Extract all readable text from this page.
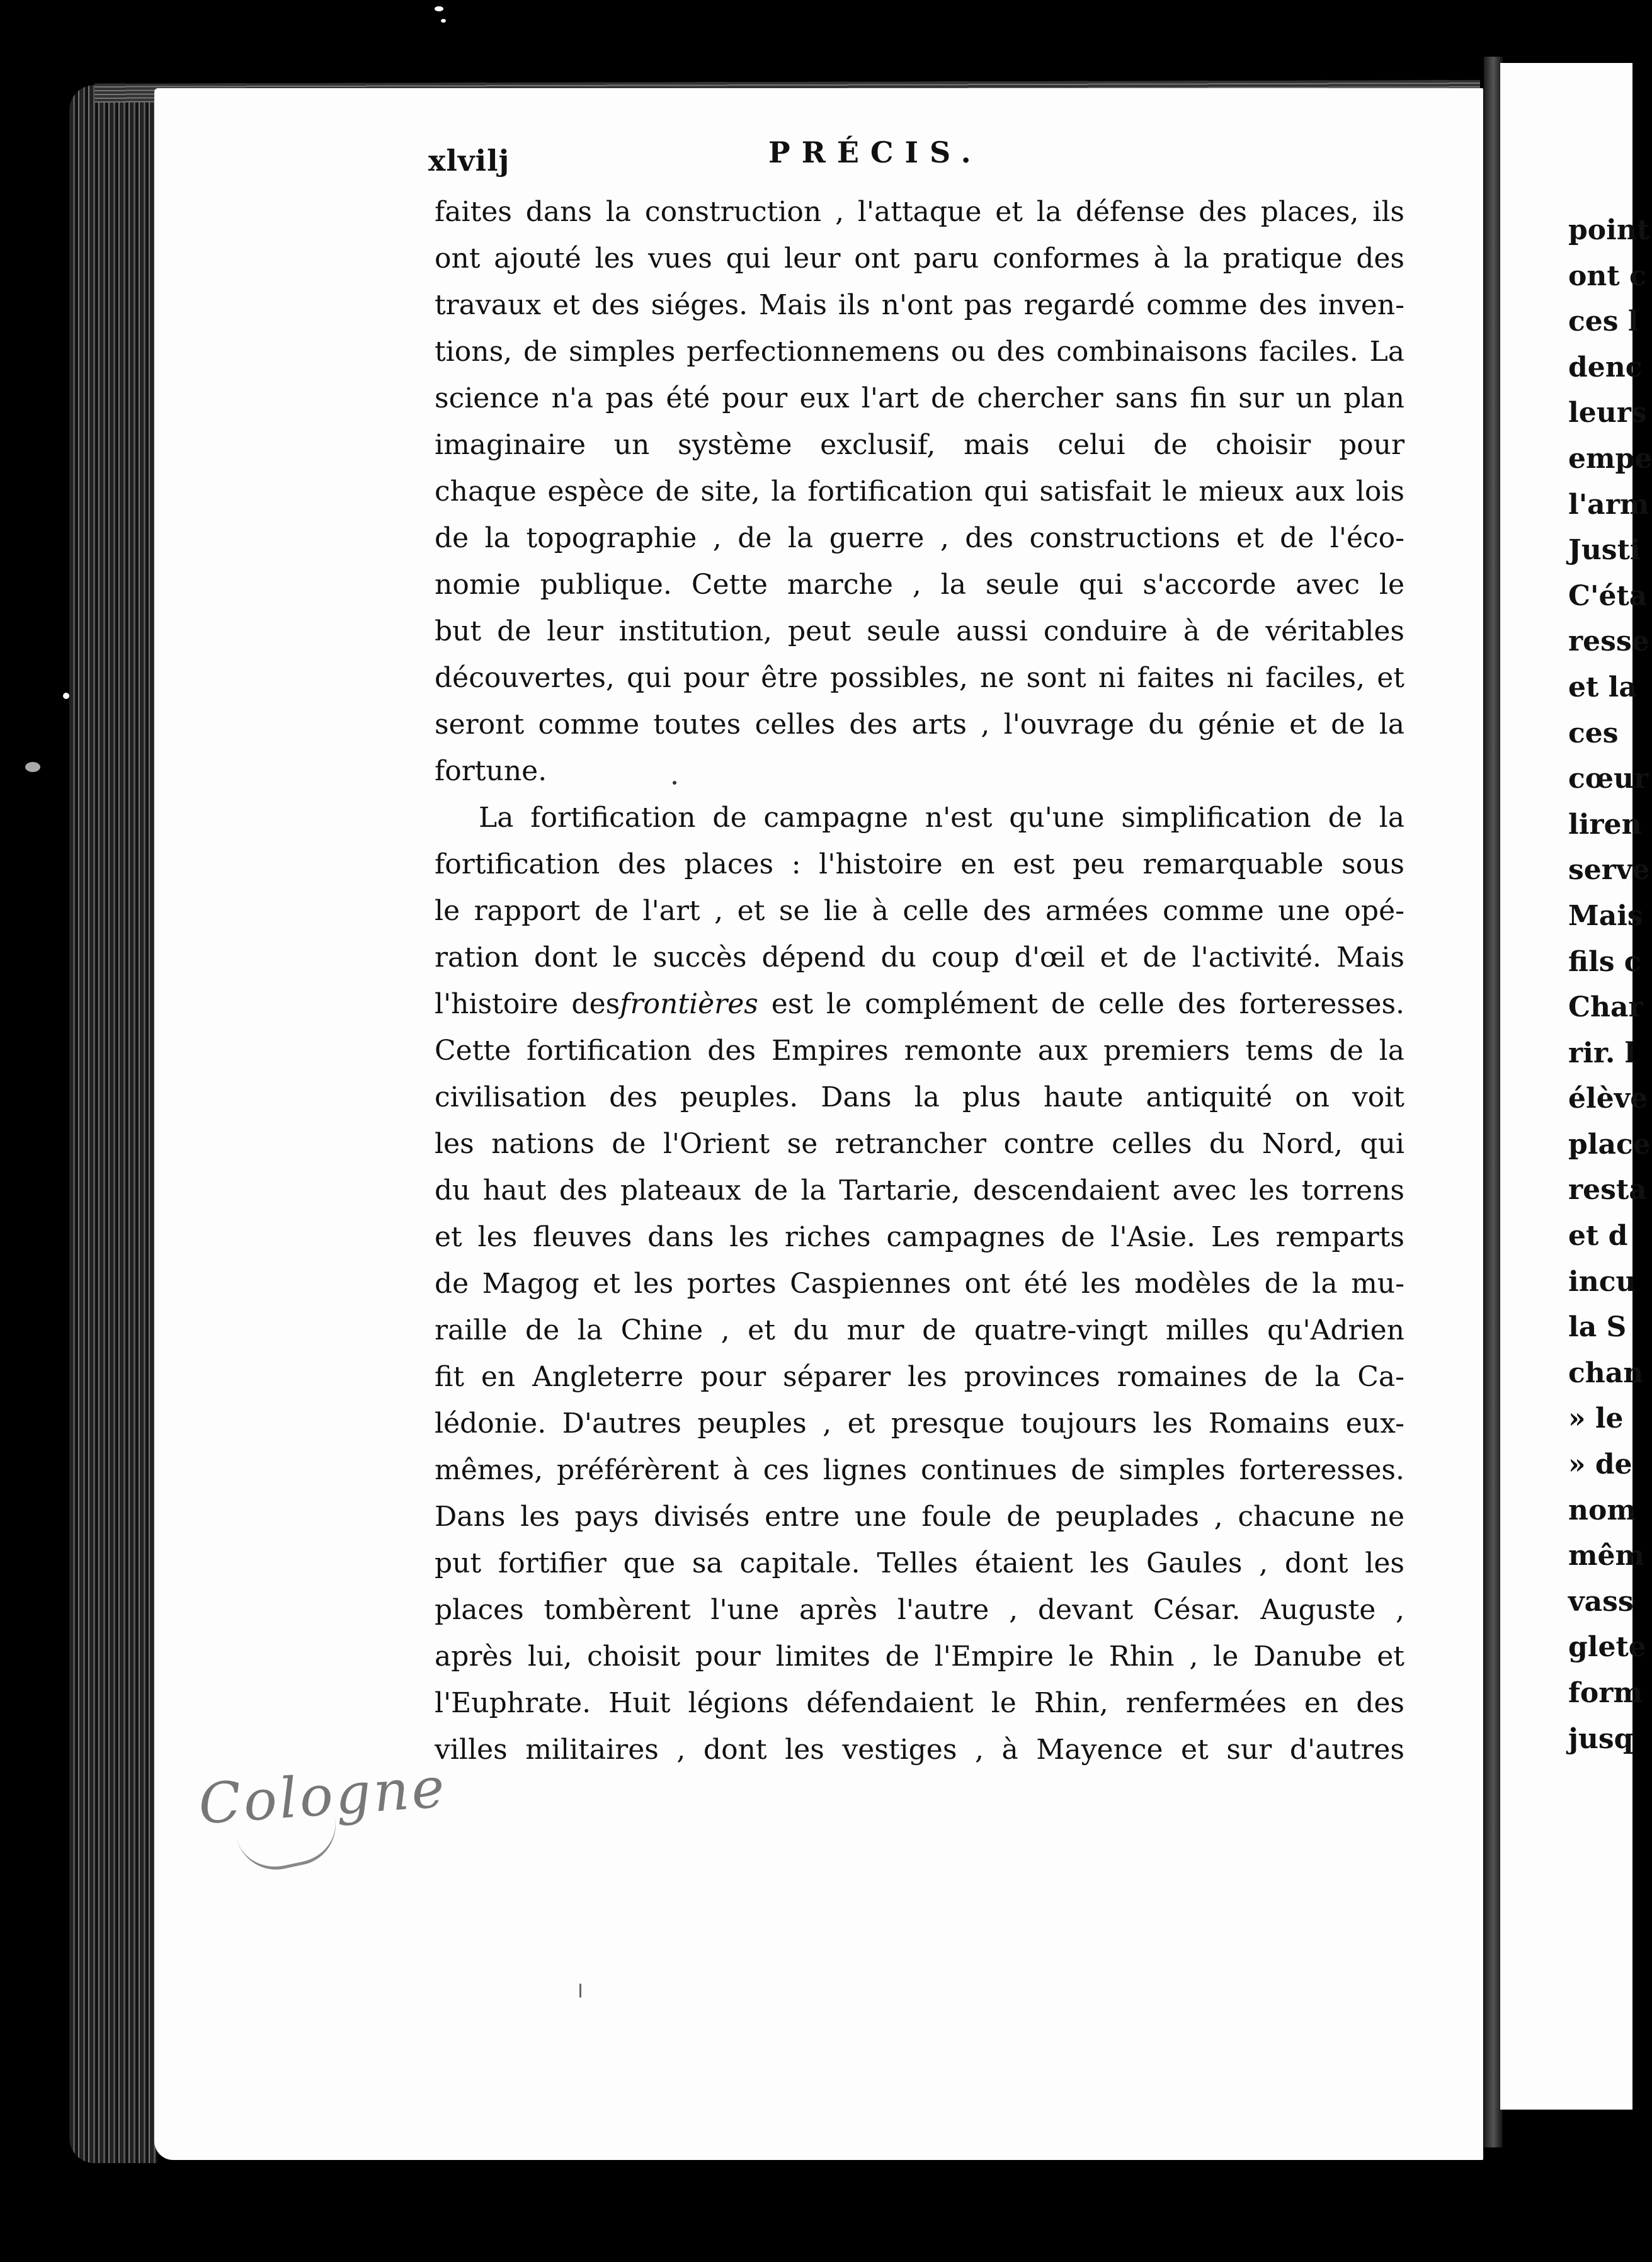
xlvilj	PRÉCIS.
faites dans la construction , l'attaque et la défense des places, ils
ont ajouté les vues qui leur ont paru conformes à la pratique des
travaux et des siéges. Mais ils n'ont pas regardé comme des inven-
tions, de simples perfectionnemens ou des combinaisons faciles. La
science n'a pas été pour eux l'art de chercher sans fin sur un plan
imaginaire un système exclusif, mais celui de choisir pour
chaque espèce de site, la fortification qui satisfait le mieux aux lois
de la topographie , de la guerre , des constructions et de l'éco-
nomie publique. Cette marche , la seule qui s'accorde avec le
but de leur institution, peut seule aussi conduire à de véritables
découvertes, qui pour être possibles, ne sont ni faites ni faciles, et
seront comme toutes celles des arts , l'ouvrage du génie et de la
fortune.
La fortification de campagne n'est qu'une simplification de la
fortification des places : l'histoire en est peu remarquable sous
le rapport de l'art , et se lie à celle des armées comme une opé-
ration dont le succès dépend du coup d'œil et de l'activité. Mais
l'histoire desfrontières est le complément de celle des forteresses.
Cette fortification des Empires remonte aux premiers tems de la
civilisation des peuples. Dans la plus haute antiquité on voit
les nations de l'Orient se retrancher contre celles du Nord, qui
du haut des plateaux de la Tartarie, descendaient avec les torrens
et les fleuves dans les riches campagnes de l'Asie. Les remparts
de Magog et les portes Caspiennes ont été les modèles de la mu-
raille de la Chine , et du mur de quatre-vingt milles qu'Adrien
fit en Angleterre pour séparer les provinces romaines de la Ca-
lédonie. D'autres peuples , et presque toujours les Romains eux-
mêmes, préférèrent à ces lignes continues de simples forteresses.
Dans les pays divisés entre une foule de peuplades , chacune ne
put fortifier que sa capitale. Telles étaient les Gaules , dont les
places tombèrent l'une après l'autre , devant César. Auguste ,
après lui, choisit pour limites de l'Empire le Rhin , le Danube et
l'Euphrate. Huit légions défendaient le Rhin, renfermées en des
villes militaires , dont les vestiges , à Mayence et sur d'autres
point
ont c
ces l
denc
leurs
empe
l'arm
Justi
C'éta
resse
et la
ces
cœur
liren
serve
Mais
fils c
Char
rir. l
élève
place
resta
et d
incu
la S
chan
» le
» de
nom
mêm
vass
glete
form
jusq
Cologne
